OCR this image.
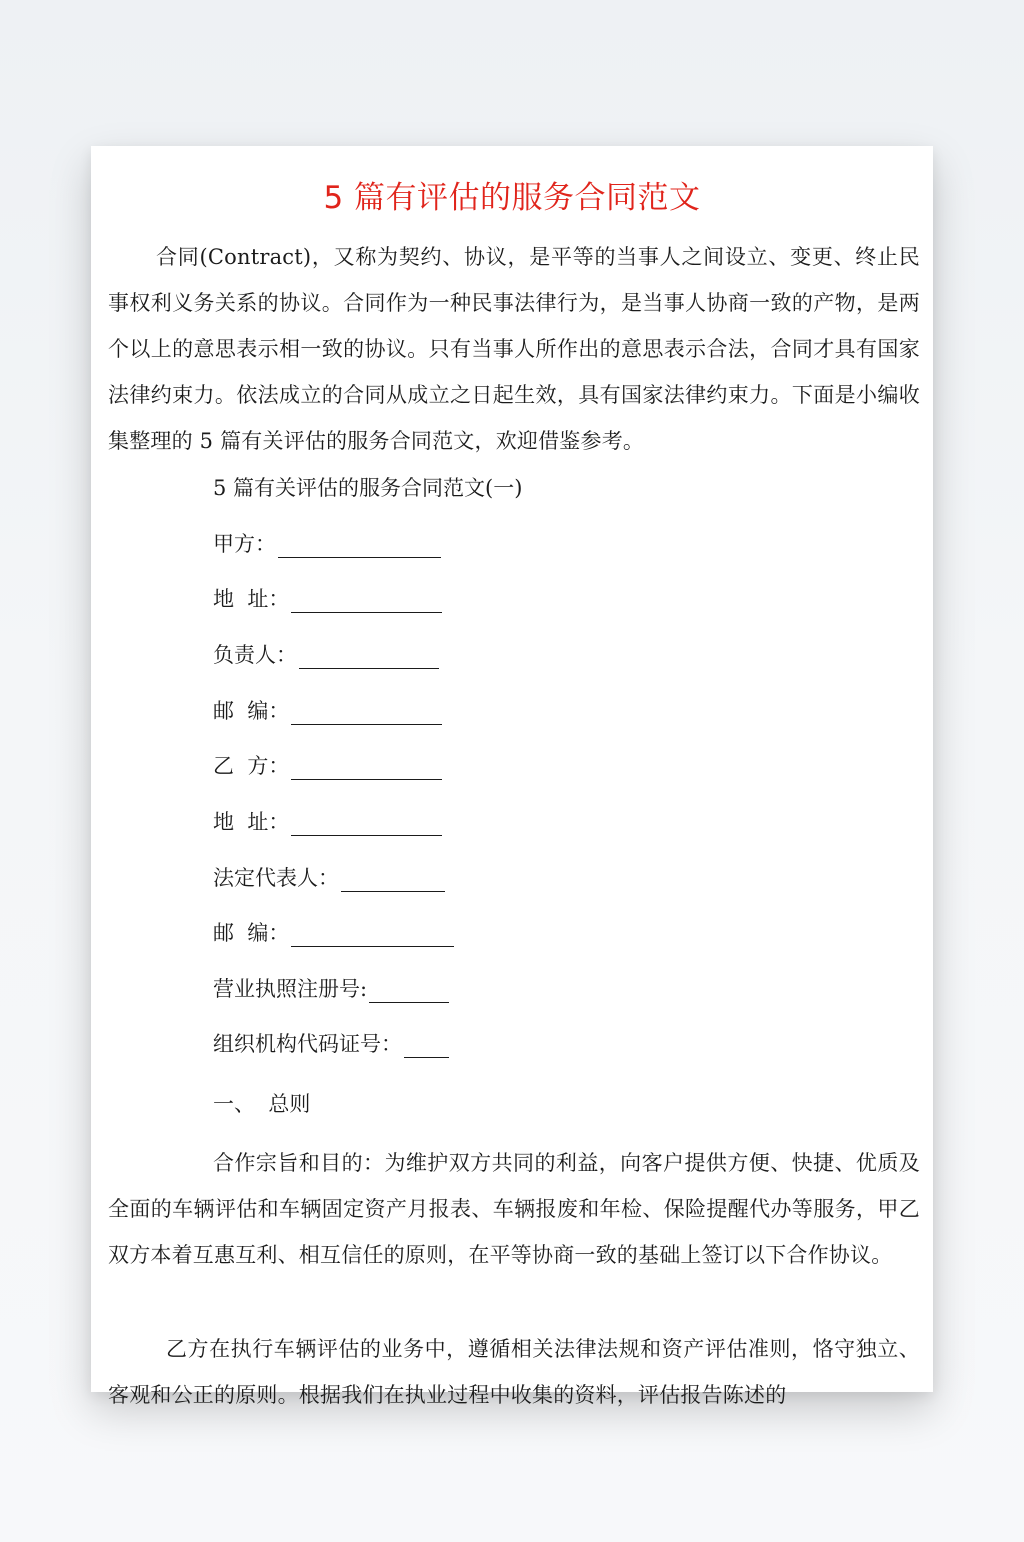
5 篇有评估的服务合同范文

合同(Contract)，又称为契约、协议，是平等的当事人之间设立、变更、终止民事权利义务关系的协议。合同作为一种民事法律行为，是当事人协商一致的产物，是两个以上的意思表示相一致的协议。只有当事人所作出的意思表示合法，合同才具有国家法律约束力。依法成立的合同从成立之日起生效，具有国家法律约束力。下面是小编收集整理的 5 篇有关评估的服务合同范文，欢迎借鉴参考。

5 篇有关评估的服务合同范文(一)
甲方：
地  址：
负责人：
邮  编：
乙  方：
地  址：
法定代表人：
邮  编：
营业执照注册号:
组织机构代码证号：
一、  总则

合作宗旨和目的：为维护双方共同的利益，向客户提供方便、快捷、优质及全面的车辆评估和车辆固定资产月报表、车辆报废和年检、保险提醒代办等服务，甲乙双方本着互惠互利、相互信任的原则，在平等协商一致的基础上签订以下合作协议。

乙方在执行车辆评估的业务中，遵循相关法律法规和资产评估准则，恪守独立、客观和公正的原则。根据我们在执业过程中收集的资料，评估报告陈述的
